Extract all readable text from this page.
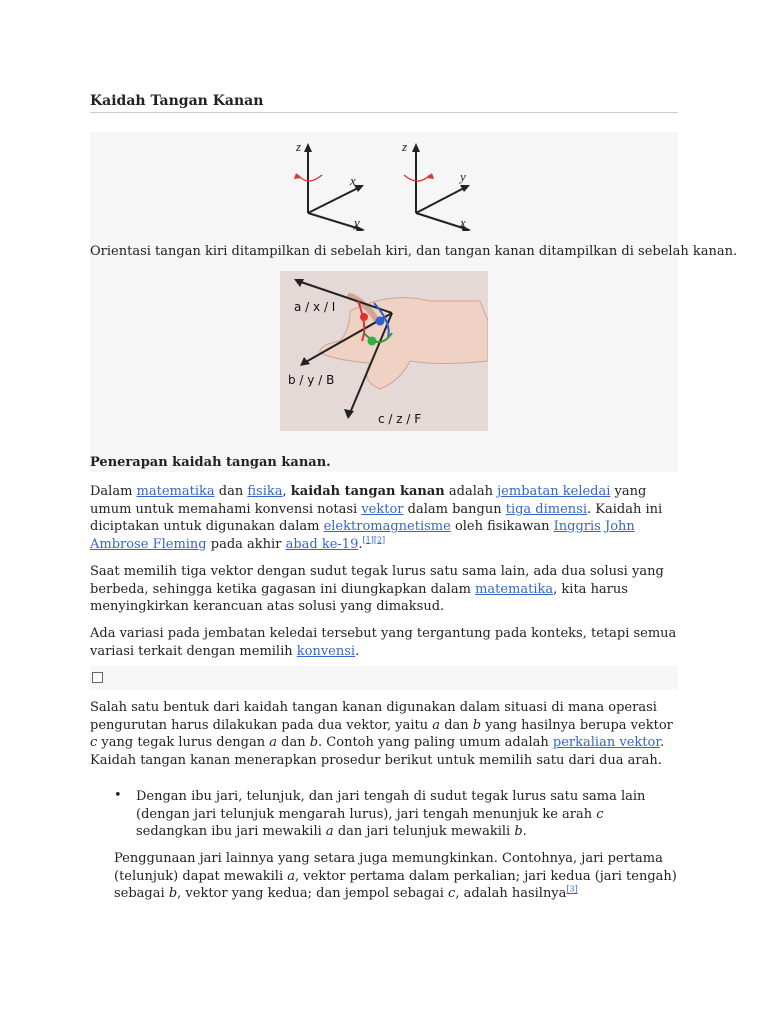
Kaidah Tangan Kanan
z
x
y
z
y
x
Orientasi tangan kiri ditampilkan di sebelah kiri, dan tangan kanan ditampilkan di sebelah kanan.
a / x / I
b / y / B
c / z / F
Penerapan kaidah tangan kanan.

Dalam matematika dan fisika, kaidah tangan kanan adalah jembatan keledai yang umum untuk memahami konvensi notasi vektor dalam bangun tiga dimensi. Kaidah ini diciptakan untuk digunakan dalam elektromagnetisme oleh fisikawan Inggris John Ambrose Fleming pada akhir abad ke-19.[1][2]

Saat memilih tiga vektor dengan sudut tegak lurus satu sama lain, ada dua solusi yang berbeda, sehingga ketika gagasan ini diungkapkan dalam matematika, kita harus menyingkirkan kerancuan atas solusi yang dimaksud.

Ada variasi pada jembatan keledai tersebut yang tergantung pada konteks, tetapi semua variasi terkait dengan memilih konvensi.

Salah satu bentuk dari kaidah tangan kanan digunakan dalam situasi di mana operasi pengurutan harus dilakukan pada dua vektor, yaitu a dan b yang hasilnya berupa vektor c yang tegak lurus dengan a dan b. Contoh yang paling umum adalah perkalian vektor. Kaidah tangan kanan menerapkan prosedur berikut untuk memilih satu dari dua arah.

• Dengan ibu jari, telunjuk, dan jari tengah di sudut tegak lurus satu sama lain (dengan jari telunjuk mengarah lurus), jari tengah menunjuk ke arah c sedangkan ibu jari mewakili a dan jari telunjuk mewakili b.

Penggunaan jari lainnya yang setara juga memungkinkan. Contohnya, jari pertama (telunjuk) dapat mewakili a, vektor pertama dalam perkalian; jari kedua (jari tengah) sebagai b, vektor yang kedua; dan jempol sebagai c, adalah hasilnya[3]
